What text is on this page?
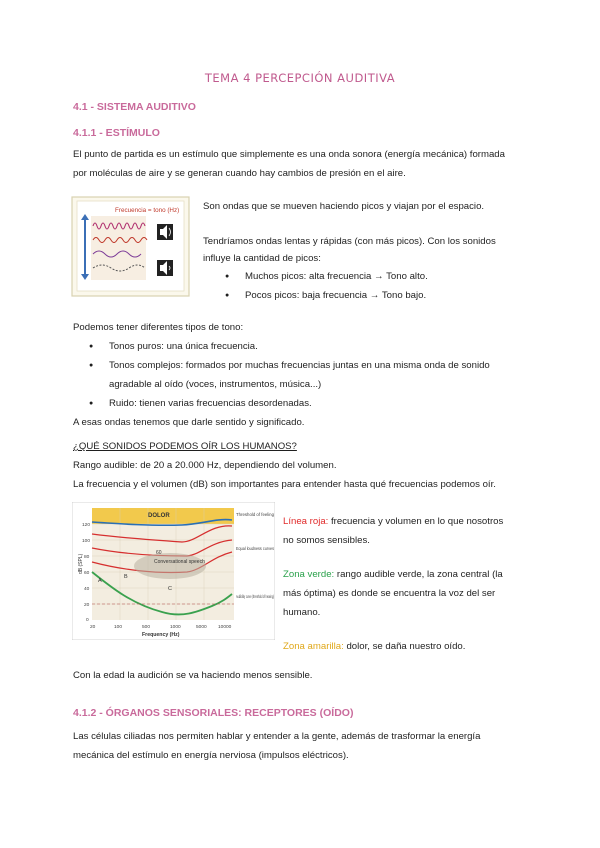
TEMA 4 PERCEPCIÓN AUDITIVA
4.1 - SISTEMA AUDITIVO
4.1.1 - ESTÍMULO
El punto de partida es un estímulo que simplemente es una onda sonora (energía mecánica) formada
por moléculas de aire y se generan cuando hay cambios de presión en el aire.
Frecuencia = tono (Hz) Son ondas que se mueven haciendo picos y viajan por el espacio.
Tendríamos ondas lentas y rápidas (con más picos). Con los sonidos
influye la cantidad de picos:
● Muchos picos: alta frecuencia → Tono alto.
● Pocos picos: baja frecuencia → Tono bajo.
Podemos tener diferentes tipos de tono:
● Tonos puros: una única frecuencia.
● Tonos complejos: formados por muchas frecuencias juntas en una misma onda de sonido
agradable al oído (voces, instrumentos, música...)
● Ruido: tienen varias frecuencias desordenadas.
A esas ondas tenemos que darle sentido y significado.
¿QUÉ SONIDOS PODEMOS OÍR LOS HUMANOS?
Rango audible: de 20 a 20.000 Hz, dependiendo del volumen.
La frecuencia y el volumen (dB) son importantes para entender hasta qué frecuencias podemos oír.
DOLOR
Conversational speech
60
A
B
C
120
100
80
60
40
20
0
dB (SPL)
20	100	500	1000	5000 10000
Frequency (Hz)
Threshold of feeling
Equal loudness curves
Audibility curve (threshold of hearing)
Línea roja: frecuencia y volumen en lo que nosotros
no somos sensibles.
Zona verde: rango audible verde, la zona central (la
más óptima) es donde se encuentra la voz del ser
humano.
Zona amarilla: dolor, se daña nuestro oído.
Con la edad la audición se va haciendo menos sensible.
4.1.2 - ÓRGANOS SENSORIALES: RECEPTORES (OÍDO)
Las células ciliadas nos permiten hablar y entender a la gente, además de trasformar la energía
mecánica del estímulo en energía nerviosa (impulsos eléctricos).
